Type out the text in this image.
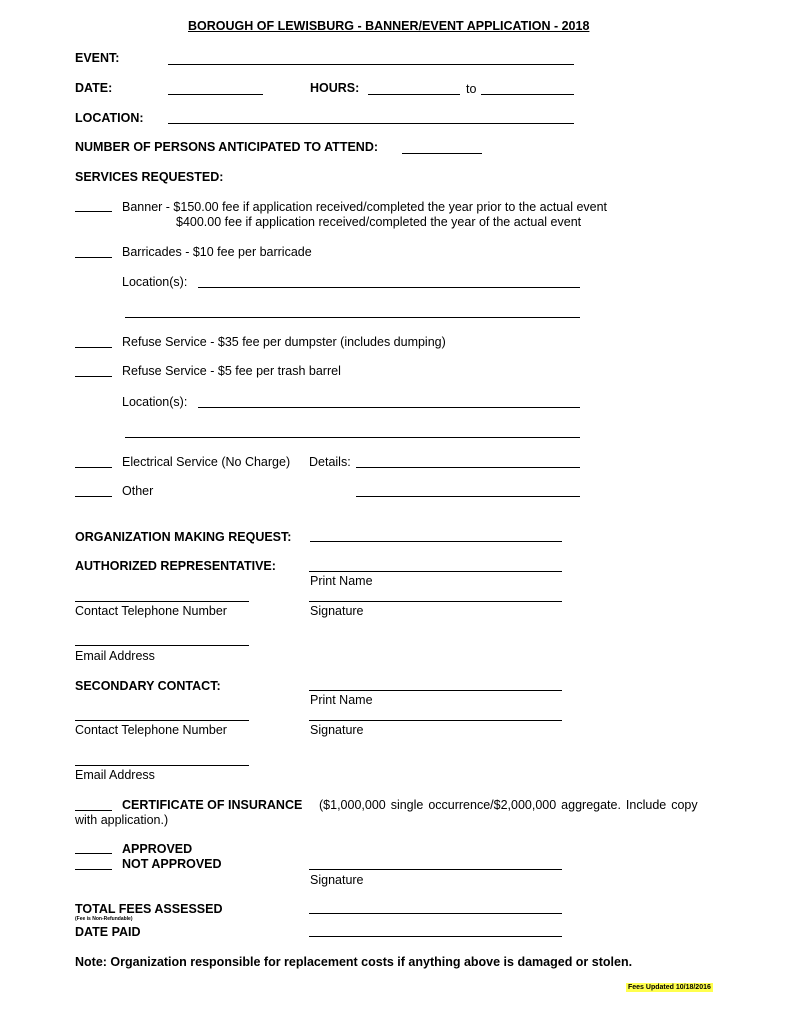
BOROUGH OF LEWISBURG - BANNER/EVENT APPLICATION - 2018
EVENT:
DATE:	HOURS:	to
LOCATION:
NUMBER OF PERSONS ANTICIPATED TO ATTEND:
SERVICES REQUESTED:
Banner - $150.00 fee if application received/completed the year prior to the actual event
$400.00 fee if application received/completed the year of the actual event
Barricades - $10 fee per barricade
Location(s):
Refuse Service - $35 fee per dumpster (includes dumping)
Refuse Service - $5 fee per trash barrel
Location(s):
Electrical Service (No Charge) Details:
Other
ORGANIZATION MAKING REQUEST:
AUTHORIZED REPRESENTATIVE:
Print Name
Contact Telephone Number	Signature
Email Address
SECONDARY CONTACT:
Print Name
Contact Telephone Number	Signature
Email Address
CERTIFICATE OF INSURANCE ($1,000,000 single occurrence/$2,000,000 aggregate. Include copy
with application.)
APPROVED
NOT APPROVED
Signature
TOTAL FEES ASSESSED
(Fee is Non-Refundable)
DATE PAID
Note: Organization responsible for replacement costs if anything above is damaged or stolen.
Fees Updated 10/18/2016
